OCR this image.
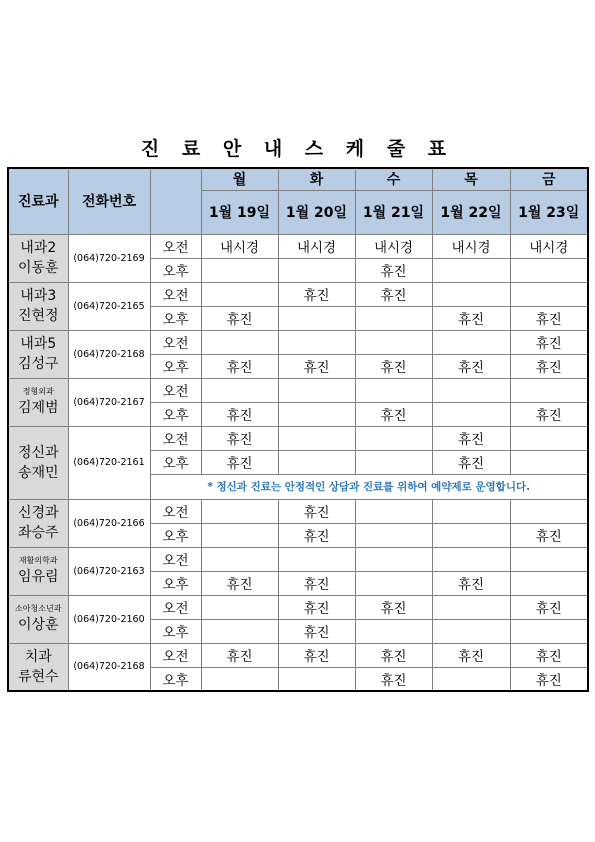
진 료 안 내 스 케 줄 표
진료과	전화번호		월	화	수	목	금
			1월 19일	1월 20일	1월 21일	1월 22일	1월 23일

내과2
이동훈	(064)720-2169	오전	내시경	내시경	내시경	내시경	내시경
		오후			휴진		

내과3
진현정	(064)720-2165	오전		휴진	휴진		
		오후	휴진			휴진	휴진

내과5
김성구	(064)720-2168	오전					휴진
		오후	휴진	휴진	휴진	휴진	휴진

정형외과
김제범	(064)720-2167	오전					
		오후	휴진		휴진		휴진

정신과
송재민	(064)720-2161	오전	휴진			휴진	
		오후	휴진			휴진	
		* 정신과 진료는 안정적인 상담과 진료를 위하여 예약제로 운영합니다.					

신경과
좌승주	(064)720-2166	오전		휴진			
		오후		휴진			휴진

재활의학과
임유림	(064)720-2163	오전					
		오후	휴진	휴진		휴진	

소아청소년과
이상훈	(064)720-2160	오전		휴진	휴진		휴진
		오후		휴진			

치과
류현수	(064)720-2168	오전	휴진	휴진	휴진	휴진	휴진
		오후			휴진		휴진
